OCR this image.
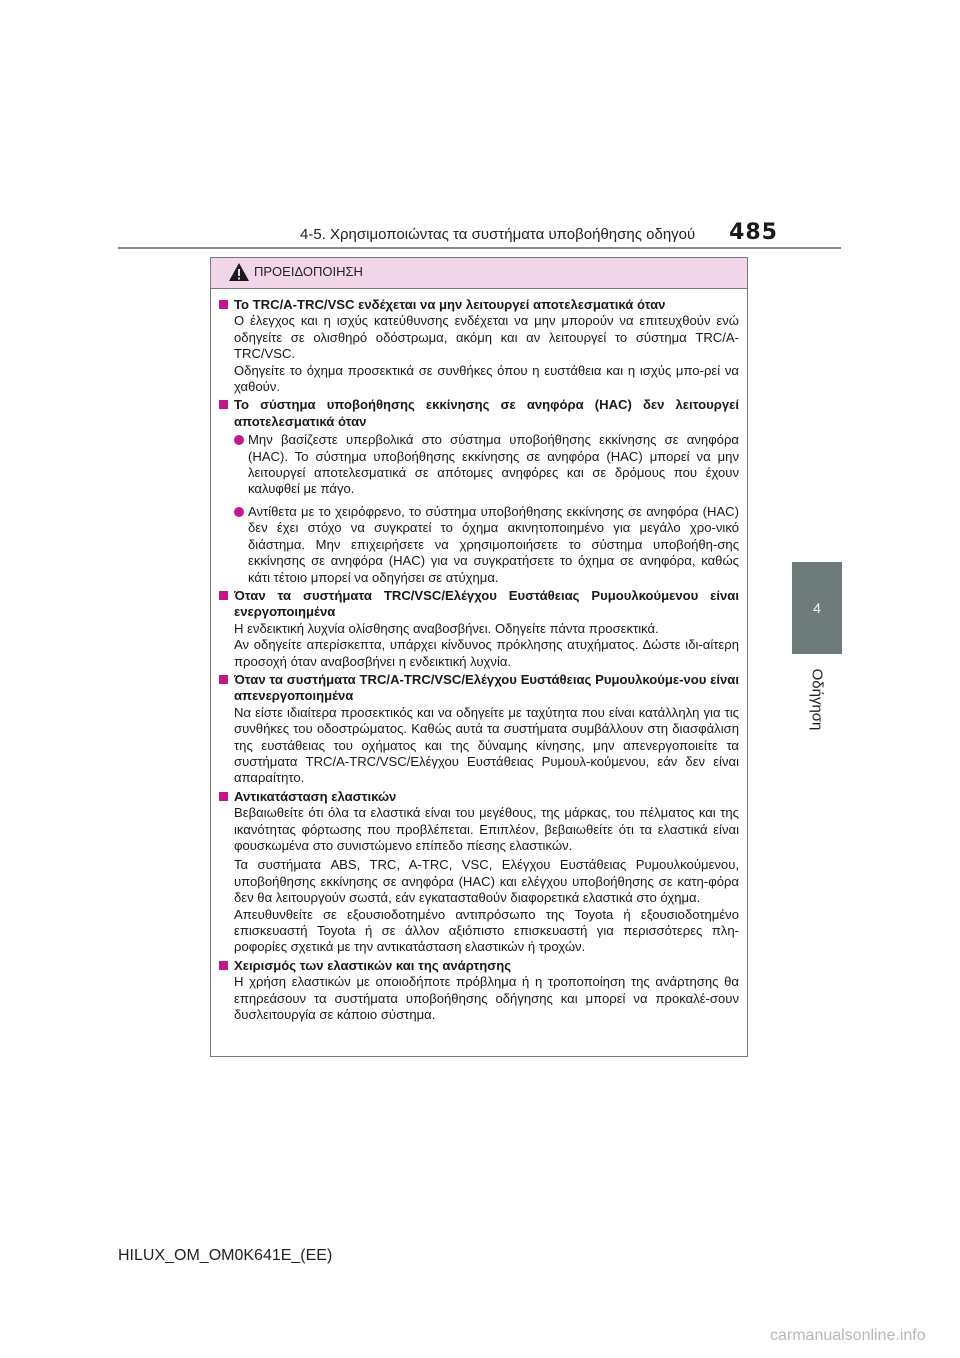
4-5. Χρησιμοποιώντας τα συστήματα υποβοήθησης οδηγού	485
4
Οδήγηση
ΠΡΟΕΙΔΟΠΟΙΗΣΗ
Το TRC/A-TRC/VSC ενδέχεται να μην λειτουργεί αποτελεσματικά όταν
Ο έλεγχος και η ισχύς κατεύθυνσης ενδέχεται να μην μπορούν να επιτευχθούν ενώ οδηγείτε σε ολισθηρό οδόστρωμα, ακόμη και αν λειτουργεί το σύστημα TRC/A-TRC/VSC.
Οδηγείτε το όχημα προσεκτικά σε συνθήκες όπου η ευστάθεια και η ισχύς μπο-ρεί να χαθούν.
Το σύστημα υποβοήθησης εκκίνησης σε ανηφόρα (HAC) δεν λειτουργεί αποτελεσματικά όταν
Μην βασίζεστε υπερβολικά στο σύστημα υποβοήθησης εκκίνησης σε ανηφόρα (HAC). Το σύστημα υποβοήθησης εκκίνησης σε ανηφόρα (HAC) μπορεί να μην λειτουργεί αποτελεσματικά σε απότομες ανηφόρες και σε δρόμους που έχουν καλυφθεί με πάγο.
Αντίθετα με το χειρόφρενο, το σύστημα υποβοήθησης εκκίνησης σε ανηφόρα (HAC) δεν έχει στόχο να συγκρατεί το όχημα ακινητοποιημένο για μεγάλο χρο-νικό διάστημα. Μην επιχειρήσετε να χρησιμοποιήσετε το σύστημα υποβοήθη-σης εκκίνησης σε ανηφόρα (HAC) για να συγκρατήσετε το όχημα σε ανηφόρα, καθώς κάτι τέτοιο μπορεί να οδηγήσει σε ατύχημα.
Όταν τα συστήματα TRC/VSC/Ελέγχου Ευστάθειας Ρυμουλκούμενου είναι ενεργοποιημένα
Η ενδεικτική λυχνία ολίσθησης αναβοσβήνει. Οδηγείτε πάντα προσεκτικά.
Αν οδηγείτε απερίσκεπτα, υπάρχει κίνδυνος πρόκλησης ατυχήματος. Δώστε ιδι-αίτερη προσοχή όταν αναβοσβήνει η ενδεικτική λυχνία.
Όταν τα συστήματα TRC/A-TRC/VSC/Ελέγχου Ευστάθειας Ρυμουλκούμε-νου είναι απενεργοποιημένα
Να είστε ιδιαίτερα προσεκτικός και να οδηγείτε με ταχύτητα που είναι κατάλληλη για τις συνθήκες του οδοστρώματος. Καθώς αυτά τα συστήματα συμβάλλουν στη διασφάλιση της ευστάθειας του οχήματος και της δύναμης κίνησης, μην απενεργοποιείτε τα συστήματα TRC/A-TRC/VSC/Ελέγχου Ευστάθειας Ρυμουλ-κούμενου, εάν δεν είναι απαραίτητο.
Αντικατάσταση ελαστικών
Βεβαιωθείτε ότι όλα τα ελαστικά είναι του μεγέθους, της μάρκας, του πέλματος και της ικανότητας φόρτωσης που προβλέπεται. Επιπλέον, βεβαιωθείτε ότι τα ελαστικά είναι φουσκωμένα στο συνιστώμενο επίπεδο πίεσης ελαστικών.
Τα συστήματα ABS, TRC, A-TRC, VSC, Ελέγχου Ευστάθειας Ρυμουλκούμενου, υποβοήθησης εκκίνησης σε ανηφόρα (HAC) και ελέγχου υποβοήθησης σε κατη-φόρα δεν θα λειτουργούν σωστά, εάν εγκατασταθούν διαφορετικά ελαστικά στο όχημα.
Απευθυνθείτε σε εξουσιοδοτημένο αντιπρόσωπο της Toyota ή εξουσιοδοτημένο επισκευαστή Toyota ή σε άλλον αξιόπιστο επισκευαστή για περισσότερες πλη-ροφορίες σχετικά με την αντικατάσταση ελαστικών ή τροχών.
Χειρισμός των ελαστικών και της ανάρτησης
Η χρήση ελαστικών με οποιοδήποτε πρόβλημα ή η τροποποίηση της ανάρτησης θα επηρεάσουν τα συστήματα υποβοήθησης οδήγησης και μπορεί να προκαλέ-σουν δυσλειτουργία σε κάποιο σύστημα.
HILUX_OM_OM0K641E_(EE)
carmanualsonline.info
